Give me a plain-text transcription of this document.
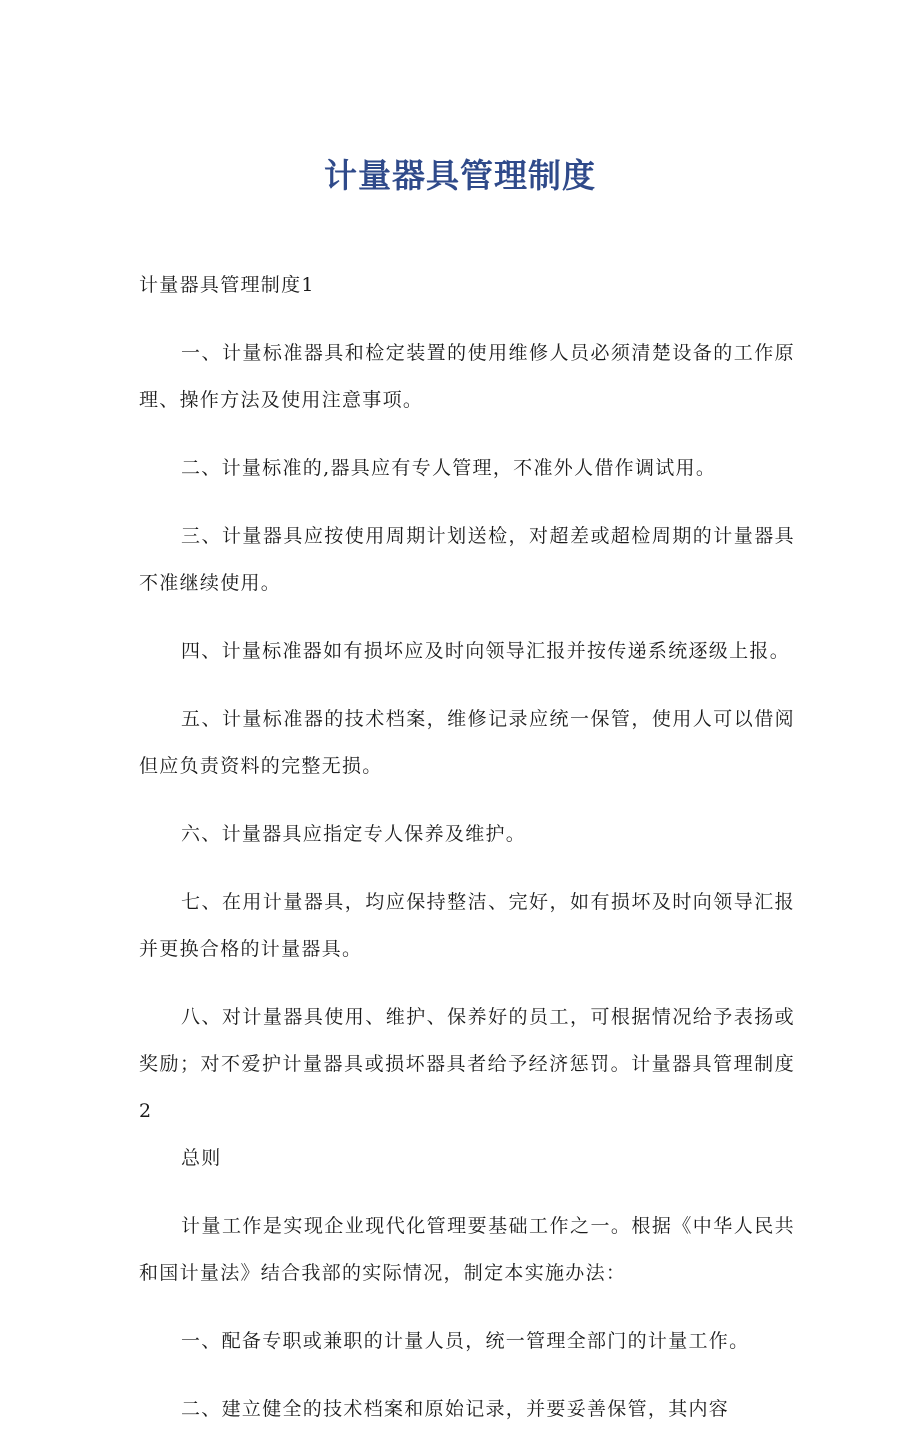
计量器具管理制度

计量器具管理制度1

一、计量标准器具和检定装置的使用维修人员必须清楚设备的工作原理、操作方法及使用注意事项。

二、计量标准的,器具应有专人管理，不准外人借作调试用。

三、计量器具应按使用周期计划送检，对超差或超检周期的计量器具不准继续使用。

四、计量标准器如有损坏应及时向领导汇报并按传递系统逐级上报。

五、计量标准器的技术档案，维修记录应统一保管，使用人可以借阅但应负责资料的完整无损。

六、计量器具应指定专人保养及维护。

七、在用计量器具，均应保持整洁、完好，如有损坏及时向领导汇报并更换合格的计量器具。

八、对计量器具使用、维护、保养好的员工，可根据情况给予表扬或奖励；对不爱护计量器具或损坏器具者给予经济惩罚。计量器具管理制度2

总则

计量工作是实现企业现代化管理要基础工作之一。根据《中华人民共和国计量法》结合我部的实际情况，制定本实施办法：

一、配备专职或兼职的计量人员，统一管理全部门的计量工作。

二、建立健全的技术档案和原始记录，并要妥善保管，其内容
